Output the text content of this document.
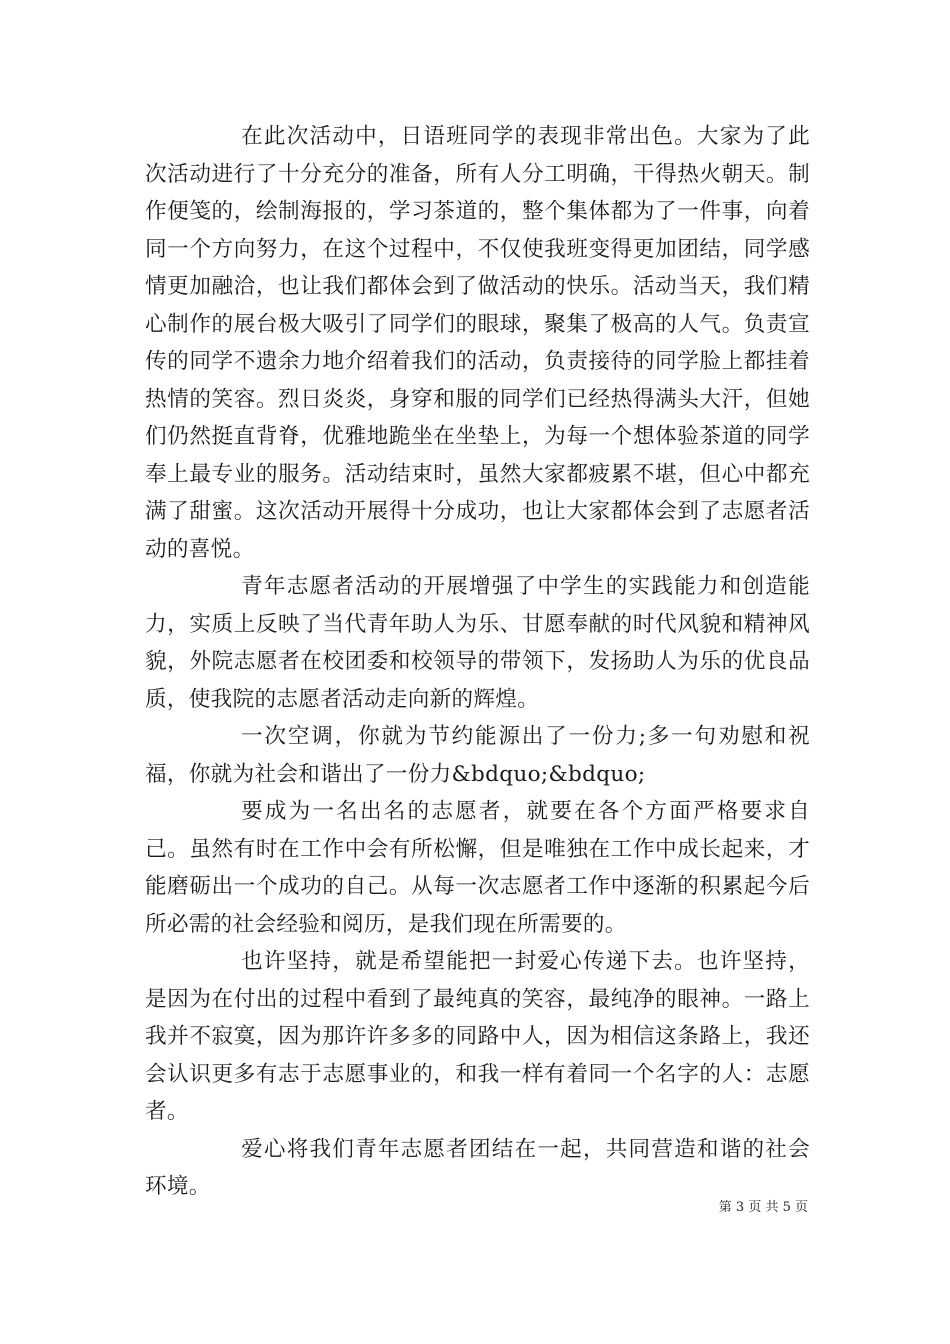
在此次活动中，日语班同学的表现非常出色。大家为了此次活动进行了十分充分的准备，所有人分工明确，干得热火朝天。制作便笺的，绘制海报的，学习茶道的，整个集体都为了一件事，向着同一个方向努力，在这个过程中，不仅使我班变得更加团结，同学感情更加融洽，也让我们都体会到了做活动的快乐。活动当天，我们精心制作的展台极大吸引了同学们的眼球，聚集了极高的人气。负责宣传的同学不遗余力地介绍着我们的活动，负责接待的同学脸上都挂着热情的笑容。烈日炎炎，身穿和服的同学们已经热得满头大汗，但她们仍然挺直背脊，优雅地跪坐在坐垫上，为每一个想体验茶道的同学奉上最专业的服务。活动结束时，虽然大家都疲累不堪，但心中都充满了甜蜜。这次活动开展得十分成功，也让大家都体会到了志愿者活动的喜悦。

青年志愿者活动的开展增强了中学生的实践能力和创造能力，实质上反映了当代青年助人为乐、甘愿奉献的时代风貌和精神风貌，外院志愿者在校团委和校领导的带领下，发扬助人为乐的优良品质，使我院的志愿者活动走向新的辉煌。

一次空调，你就为节约能源出了一份力;多一句劝慰和祝福，你就为社会和谐出了一份力&bdquo;&bdquo;

要成为一名出名的志愿者，就要在各个方面严格要求自己。虽然有时在工作中会有所松懈，但是唯独在工作中成长起来，才能磨砺出一个成功的自己。从每一次志愿者工作中逐渐的积累起今后所必需的社会经验和阅历，是我们现在所需要的。

也许坚持，就是希望能把一封爱心传递下去。也许坚持，是因为在付出的过程中看到了最纯真的笑容，最纯净的眼神。一路上我并不寂寞，因为那许许多多的同路中人，因为相信这条路上，我还会认识更多有志于志愿事业的，和我一样有着同一个名字的人：志愿者。

爱心将我们青年志愿者团结在一起，共同营造和谐的社会环境。

第 3 页 共 5 页
